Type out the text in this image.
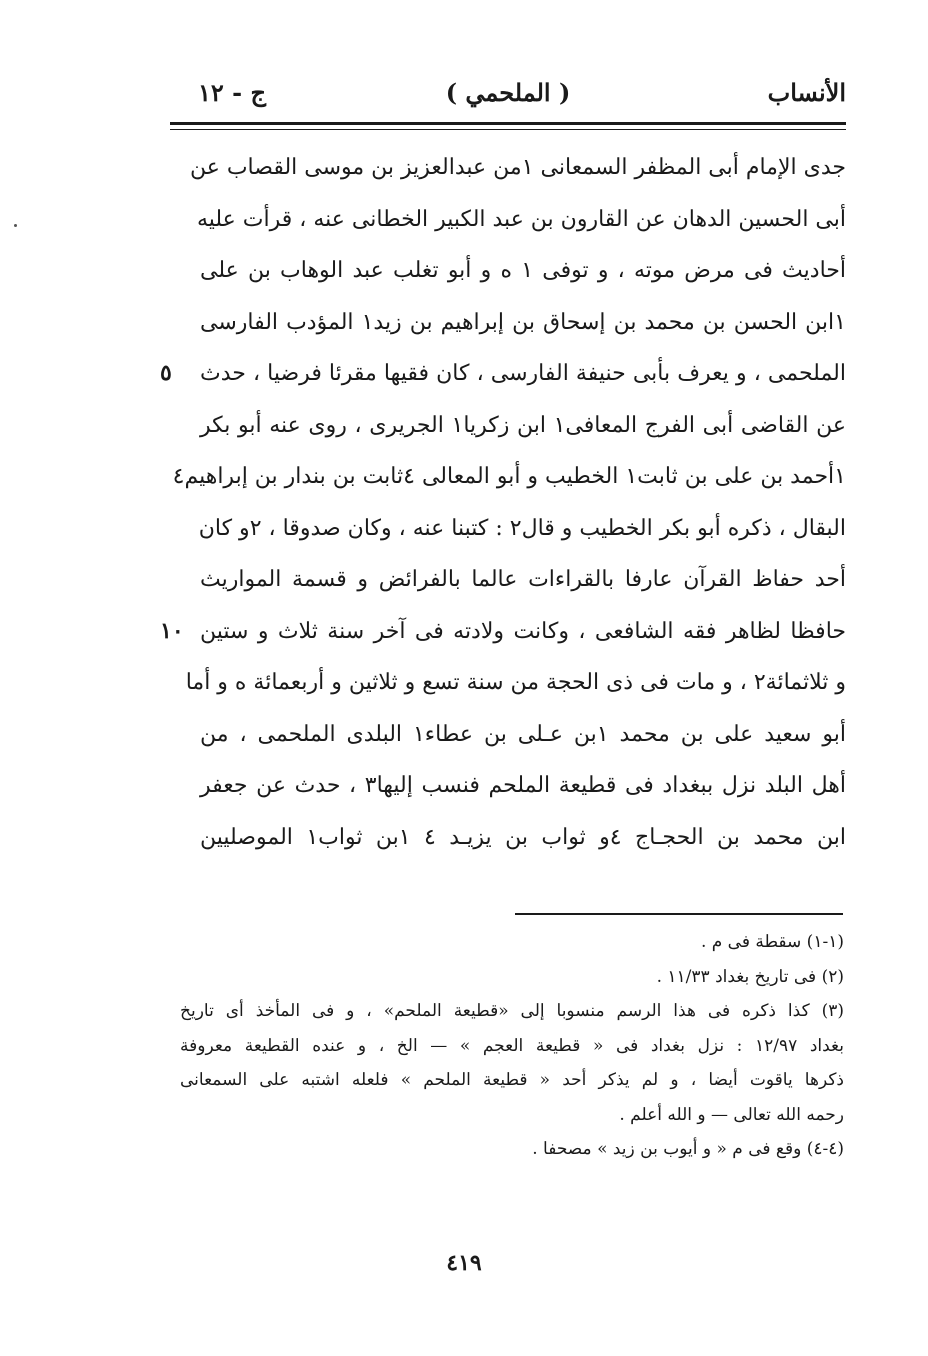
الأنساب
( الملحمي )
ج - ١٢
جدى الإمام أبى المظفر السمعانى ١من عبدالعزيز بن موسى القصاب عن
أبى الحسين الدهان عن القارون بن عبد الكبير الخطانى عنه ، قرأت عليه
أحاديث فى مرض موته ، و توفى ١ ه و أبو تغلب عبد الوهاب بن على
١ابن الحسن بن محمد بن إسحاق بن إبراهيم بن زيد١ المؤدب الفارسى
الملحمى ، و يعرف بأبى حنيفة الفارسى ، كان فقيها مقرئا فرضيا ، حدث
٥
عن القاضى أبى الفرج المعافى١ ابن زكريا١ الجريرى ، روى عنه أبو بكر
١أحمد بن على بن ثابت١ الخطيب و أبو المعالى ٤ثابت بن بندار بن إبراهيم٤
البقال ، ذكره أبو بكر الخطيب و قال٢ : كتبنا عنه ، وكان صدوقا ، ٢و كان
أحد حفاظ القرآن عارفا بالقراءات عالما بالفرائض و قسمة المواريث
حافظا لظاهر فقه الشافعى ، وكانت ولادته فى آخر سنة ثلاث و ستين
١٠
و ثلاثمائة٢ ، و مات فى ذى الحجة من سنة تسع و ثلاثين و أربعمائة ه و أما
أبو سعيد على بن محمد ١بن عـلى بن عطاء١ البلدى الملحمى ، من
أهل البلد نزل ببغداد فى قطيعة الملحم فنسب إليها٣ ، حدث عن جعفر
ابن محمد بن الحجـاج ٤و ثواب بن يزيـد ٤ ١بن ثواب١ الموصليين
(١-١) سقطة فى م .
(٢) فى تاريخ بغداد ١١/٣٣ .
(٣) كذا ذكره فى هذا الرسم منسوبا إلى «قطيعة الملحم» ، و فى المأخذ أى تاريخ
بغداد ١٢/٩٧ : نزل بغداد فى « قطيعة العجم » — الخ ، و عنده القطيعة معروفة
ذكرها ياقوت أيضا ، و لم يذكر أحد « قطيعة الملحم » فلعله اشتبه على السمعانى
رحمه الله تعالى — و الله أعلم .
(٤-٤) وقع فى م « و أيوب بن زيد » مصحفا .
٤١٩
